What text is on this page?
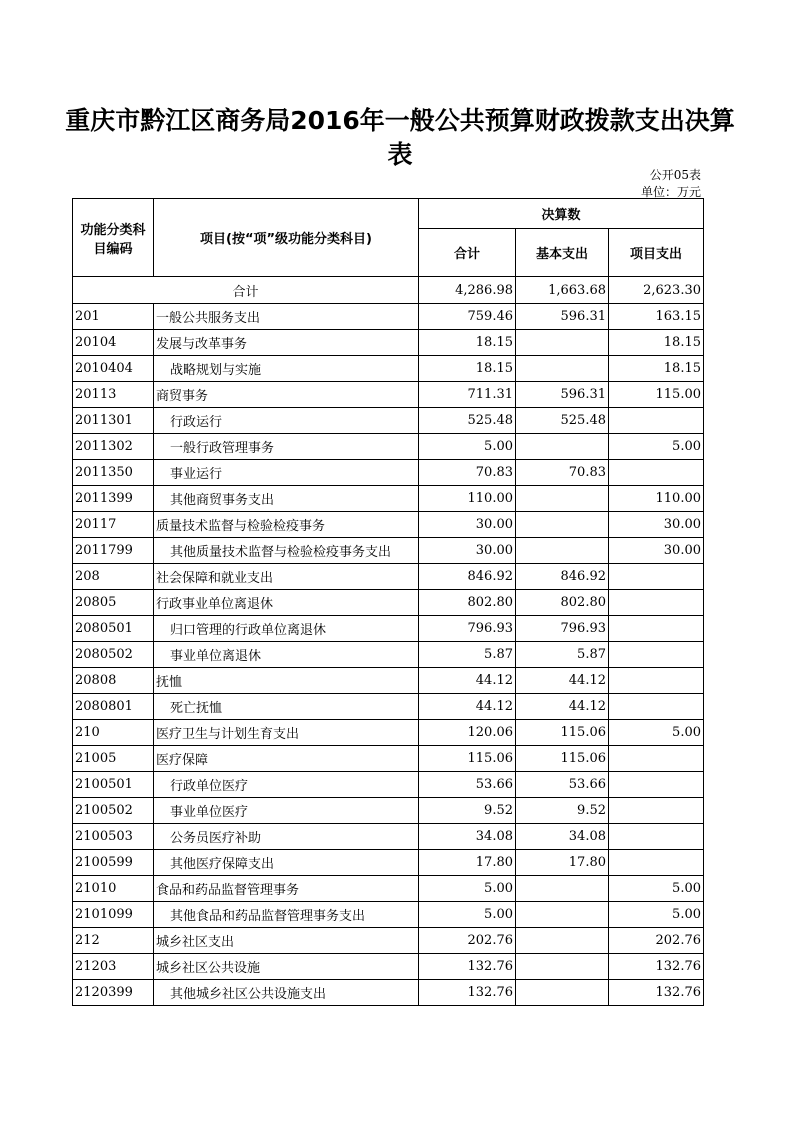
重庆市黔江区商务局2016年一般公共预算财政拨款支出决算表
公开05表
单位：万元
功能分类科目编码	项目(按“项”级功能分类科目)	决算数		
		合计	基本支出	项目支出
合计		4,286.98	1,663.68	2,623.30
201	一般公共服务支出	759.46	596.31	163.15
20104	发展与改革事务	18.15		18.15
2010404	战略规划与实施	18.15		18.15
20113	商贸事务	711.31	596.31	115.00
2011301	行政运行	525.48	525.48	
2011302	一般行政管理事务	5.00		5.00
2011350	事业运行	70.83	70.83	
2011399	其他商贸事务支出	110.00		110.00
20117	质量技术监督与检验检疫事务	30.00		30.00
2011799	其他质量技术监督与检验检疫事务支出	30.00		30.00
208	社会保障和就业支出	846.92	846.92	
20805	行政事业单位离退休	802.80	802.80	
2080501	归口管理的行政单位离退休	796.93	796.93	
2080502	事业单位离退休	5.87	5.87	
20808	抚恤	44.12	44.12	
2080801	死亡抚恤	44.12	44.12	
210	医疗卫生与计划生育支出	120.06	115.06	5.00
21005	医疗保障	115.06	115.06	
2100501	行政单位医疗	53.66	53.66	
2100502	事业单位医疗	9.52	9.52	
2100503	公务员医疗补助	34.08	34.08	
2100599	其他医疗保障支出	17.80	17.80	
21010	食品和药品监督管理事务	5.00		5.00
2101099	其他食品和药品监督管理事务支出	5.00		5.00
212	城乡社区支出	202.76		202.76
21203	城乡社区公共设施	132.76		132.76
2120399	其他城乡社区公共设施支出	132.76		132.76
